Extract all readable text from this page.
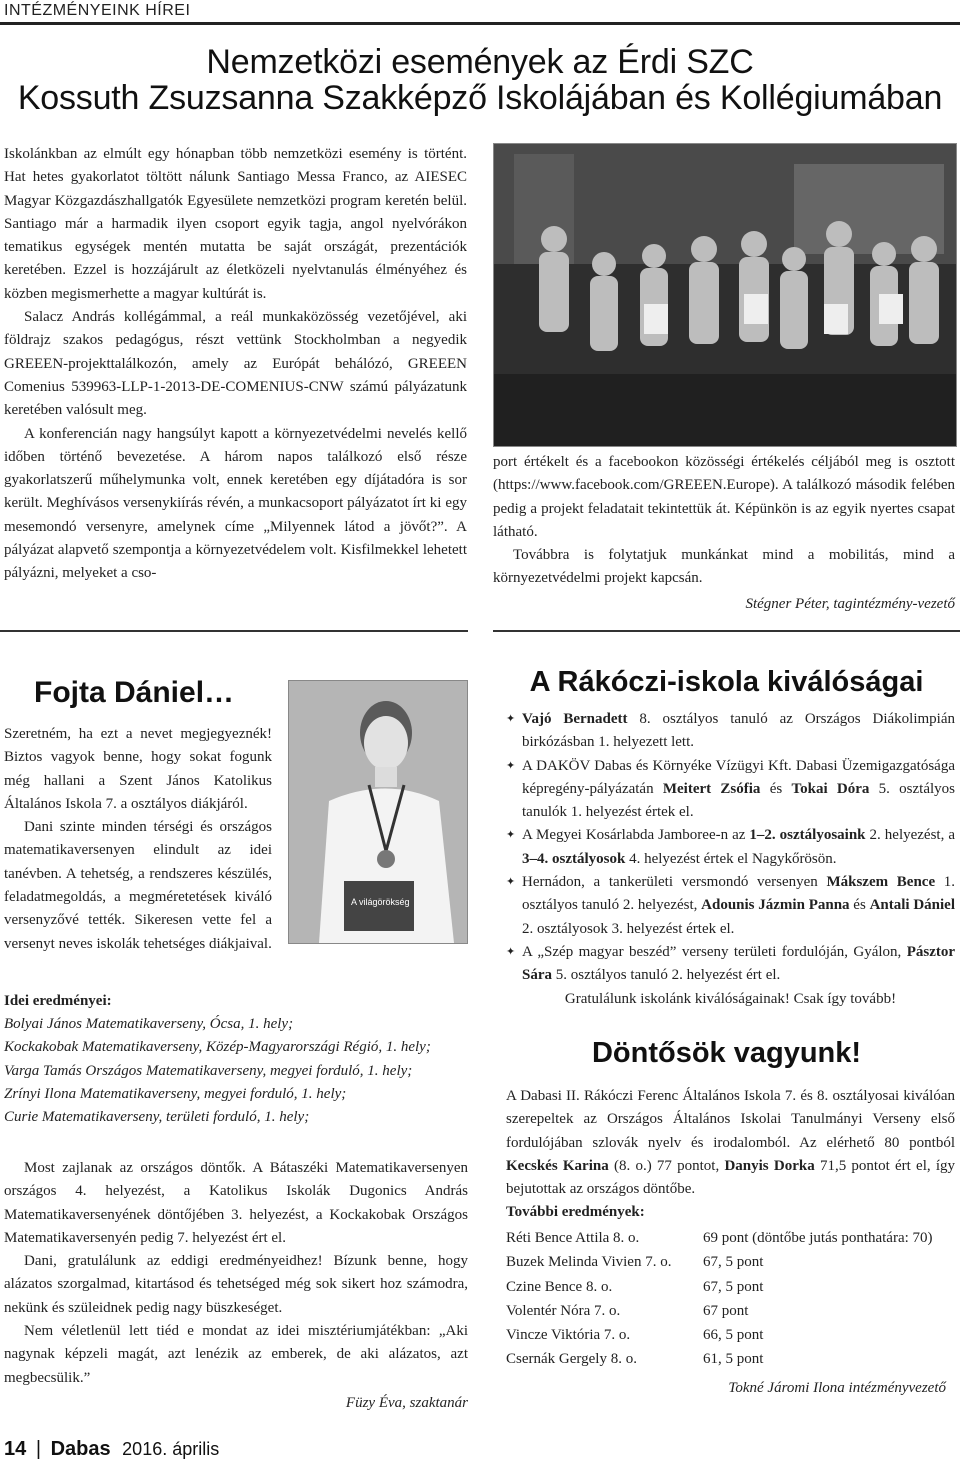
INTÉZMÉNYEINK HÍREI
Nemzetközi események az Érdi SZC
Kossuth Zsuzsanna Szakképző Iskolájában és Kollégiumában

Iskolánkban az elmúlt egy hónapban több nemzetközi esemény is történt. Hat hetes gyakorlatot töltött nálunk Santiago Messa Franco, az AIESEC Magyar Közgazdászhallgatók Egyesülete nemzetközi program keretén belül. Santiago már a harmadik ilyen csoport egyik tagja, angol nyelvórákon tematikus egységek mentén mutatta be saját országát, prezentációk keretében. Ezzel is hozzájárult az életközeli nyelvtanulás élményéhez és közben megismerhette a magyar kultúrát is.

Salacz András kollégámmal, a reál munkaközösség vezetőjével, aki földrajz szakos pedagógus, részt vettünk Stockholmban a negyedik GREEEN-projekttalálkozón, amely az Európát behálózó, GREEEN Comenius 539963-LLP-1-2013-DE-COMENIUS-CNW számú pályázatunk keretében valósult meg.

A konferencián nagy hangsúlyt kapott a környezetvédelmi nevelés kellő időben történő bevezetése. A három napos találkozó első része gyakorlatszerű műhelymunka volt, ennek keretében egy díjátadóra is sor került. Meghívásos versenykiírás révén, a munkacsoport pályázatot írt ki egy mesemondó versenyre, amelynek címe „Milyennek látod a jövőt?”. A pályázat alapvető szempontja a környezetvédelem volt. Kisfilmekkel lehetett pályázni, melyeket a cso-

port értékelt és a facebookon közösségi értékelés céljából meg is osztott (https://www.facebook.com/GREEEN.Europe). A találkozó második felében pedig a projekt feladatait tekintettük át. Képünkön is az egyik nyertes csapat látható.

Továbbra is folytatjuk munkánkat mind a mobilitás, mind a környezetvédelmi projekt kapcsán.

Stégner Péter, tagintézmény-vezető

Fojta Dániel…

Szeretném, ha ezt a nevet megjegyeznék! Biztos vagyok benne, hogy sokat fogunk még hallani a Szent János Katolikus Általános Iskola 7. a osztályos diákjáról.

Dani szinte minden térségi és országos matematikaversenyen elindult az idei tanévben. A tehetség, a rendszeres készülés, feladatmegoldás, a megméretetések kiváló versenyzővé tették. Sikeresen vette fel a versenyt neves iskolák tehetséges diákjaival.

A világörökség

Idei eredményei:

Bolyai János Matematikaverseny, Ócsa, 1. hely;

Kockakobak Matematikaverseny, Közép-Magyarországi Régió, 1. hely;

Varga Tamás Országos Matematikaverseny, megyei forduló, 1. hely;

Zrínyi Ilona Matematikaverseny, megyei forduló, 1. hely;

Curie Matematikaverseny, területi forduló, 1. hely;

Most zajlanak az országos döntők. A Bátaszéki Matematikaversenyen országos 4. helyezést, a Katolikus Iskolák Dugonics András Matematikaversenyének döntőjében 3. helyezést, a Kockakobak Országos Matematikaversenyén pedig 7. helyezést ért el.

Dani, gratulálunk az eddigi eredményeidhez! Bízunk benne, hogy alázatos szorgalmad, kitartásod és tehetséged még sok sikert hoz számodra, nekünk és szüleidnek pedig nagy büszkeséget.

Nem véletlenül lett tiéd e mondat az idei misztériumjátékban: „Aki nagynak képzeli magát, azt lenézik az emberek, de aki alázatos, azt megbecsülik.”

Füzy Éva, szaktanár

A Rákóczi-iskola kiválóságai
✦ Vajó Bernadett 8. osztályos tanuló az Országos Diákolimpián birkózásban 1. helyezett lett.
✦ A DAKÖV Dabas és Környéke Vízügyi Kft. Dabasi Üzemigazgatósága képregény-pályázatán Meitert Zsófia és Tokai Dóra 5. osztályos tanulók 1. helyezést értek el.
✦ A Megyei Kosárlabda Jamboree-n az 1–2. osztályosaink 2. helyezést, a 3–4. osztályosok 4. helyezést értek el Nagykőrösön.
✦ Hernádon, a tankerületi versmondó versenyen Mákszem Bence 1. osztályos tanuló 2. helyezést, Adounis Jázmin Panna és Antali Dániel 2. osztályosok 3. helyezést értek el.
✦ A „Szép magyar beszéd” verseny területi fordulóján, Gyálon, Pásztor Sára 5. osztályos tanuló 2. helyezést ért el.

Gratulálunk iskolánk kiválóságainak! Csak így tovább!

Döntősök vagyunk!

A Dabasi II. Rákóczi Ferenc Általános Iskola 7. és 8. osztályosai kiválóan szerepeltek az Országos Általános Iskolai Tanulmányi Verseny első fordulójában szlovák nyelv és irodalomból. Az elérhető 80 pontból Kecskés Karina (8. o.) 77 pontot, Danyis Dorka 71,5 pontot ért el, így bejutottak az országos döntőbe.

További eredmények:

Réti Bence Attila 8. o.	69 pont (döntőbe jutás ponthatára: 70)
Buzek Melinda Vivien 7. o.	67, 5 pont
Czine Bence 8. o.	67, 5 pont
Volentér Nóra 7. o.	67 pont
Vincze Viktória 7. o.	66, 5 pont
Csernák Gergely 8. o.	61, 5 pont
Tokné Járomi Ilona intézményvezető
14 | Dabas 2016. április
